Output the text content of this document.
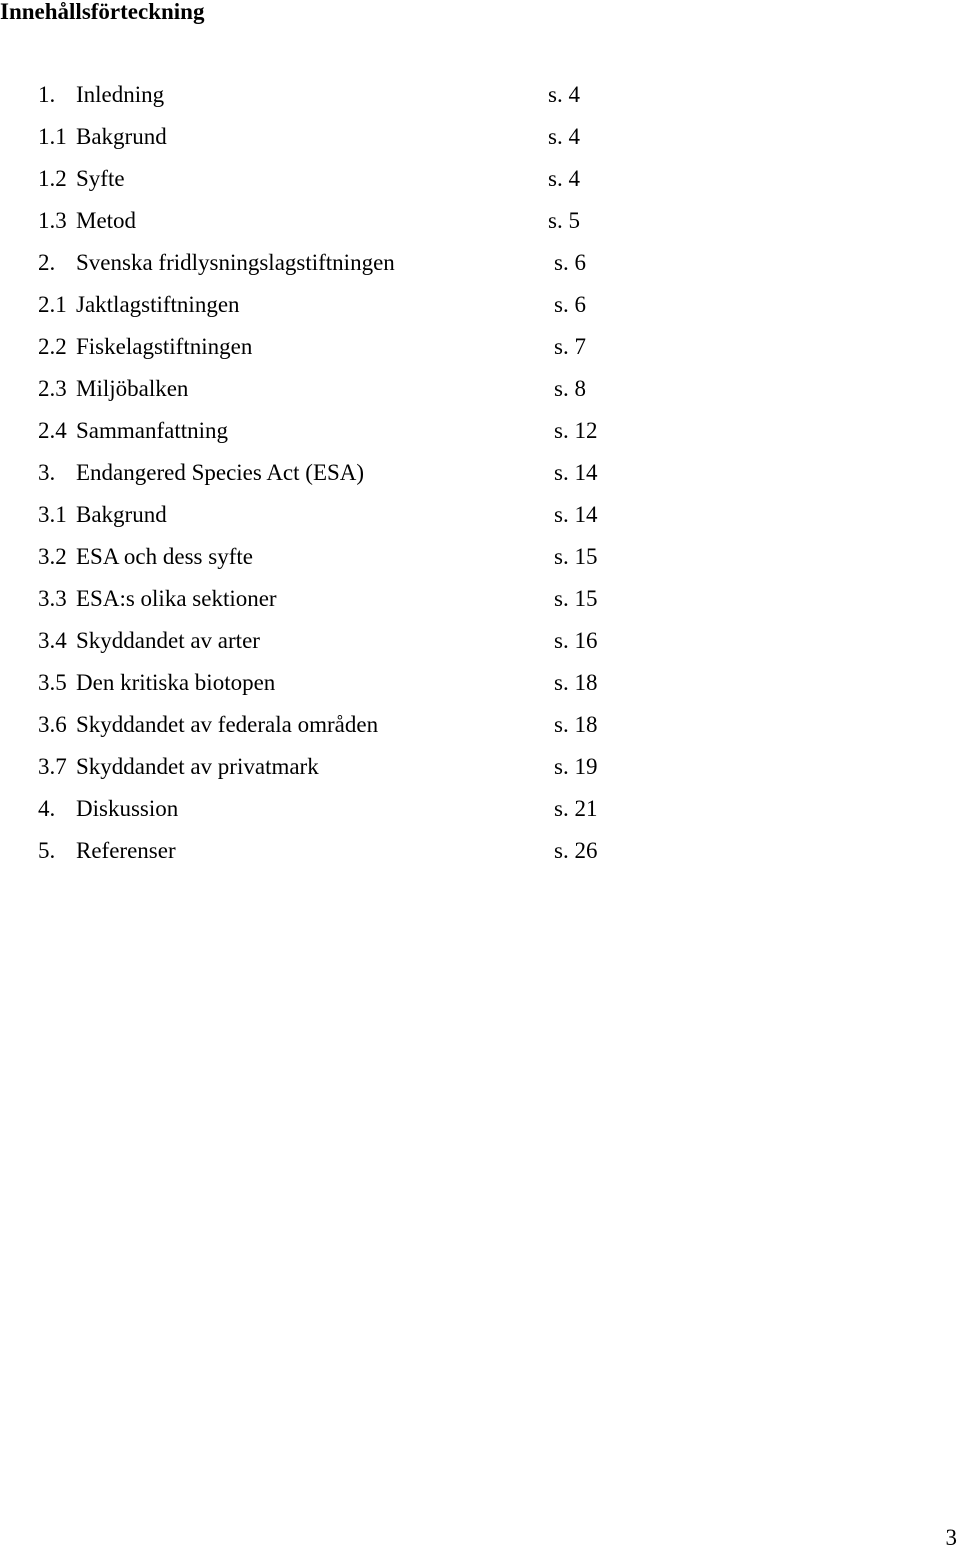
Innehållsförteckning
1. Inledning	s. 4
1.1 Bakgrund	s. 4
1.2 Syfte	s. 4
1.3 Metod	s. 5
2. Svenska fridlysningslagstiftningen	s. 6
2.1 Jaktlagstiftningen	s. 6
2.2 Fiskelagstiftningen	s. 7
2.3 Miljöbalken	s. 8
2.4 Sammanfattning	s. 12
3. Endangered Species Act (ESA)	s. 14
3.1 Bakgrund	s. 14
3.2 ESA och dess syfte	s. 15
3.3 ESA:s olika sektioner	s. 15
3.4 Skyddandet av arter	s. 16
3.5 Den kritiska biotopen	s. 18
3.6 Skyddandet av federala områden	s. 18
3.7 Skyddandet av privatmark	s. 19
4. Diskussion	s. 21
5. Referenser	s. 26
3
